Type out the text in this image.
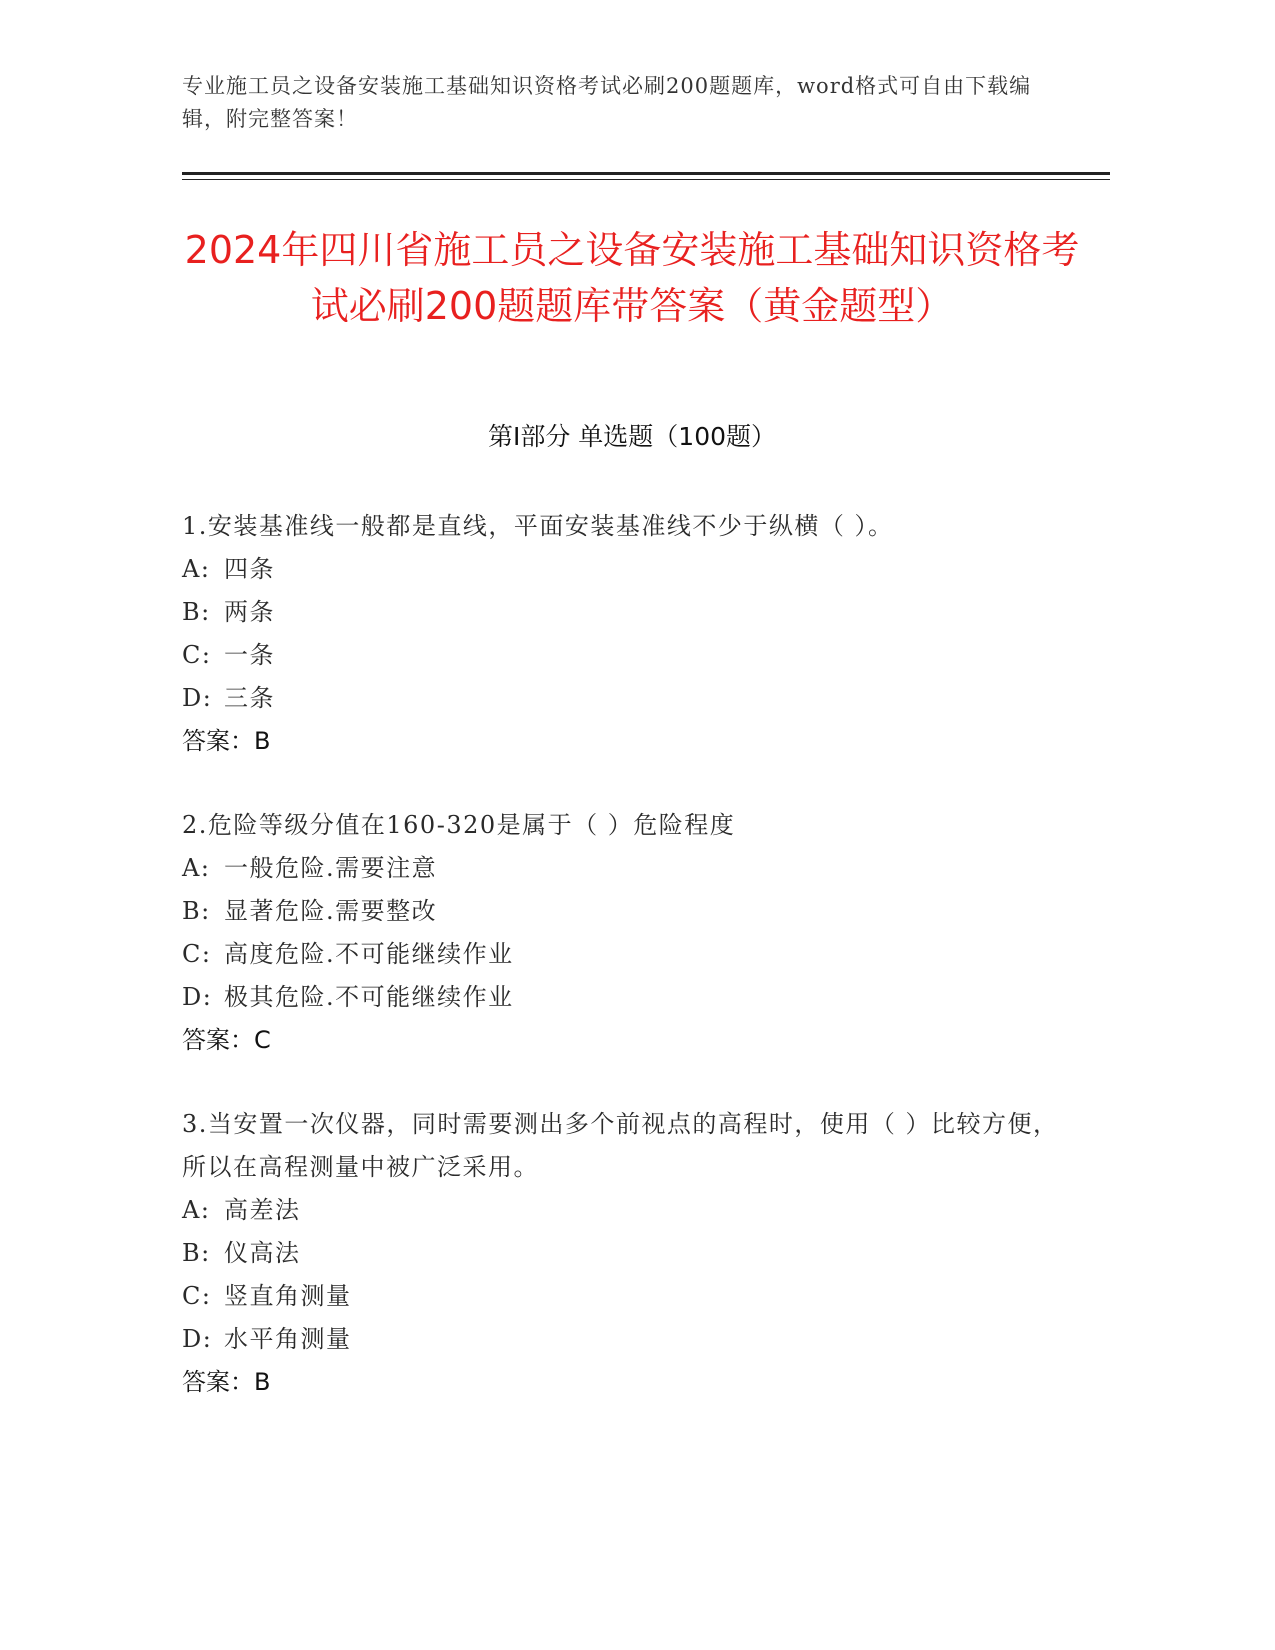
专业施工员之设备安装施工基础知识资格考试必刷200题题库，word格式可自由下载编辑，附完整答案！
2024年四川省施工员之设备安装施工基础知识资格考试必刷200题题库带答案（黄金题型）
第I部分 单选题（100题）
1.安装基准线一般都是直线，平面安装基准线不少于纵横（ ）。
A: 四条
B: 两条
C: 一条
D: 三条
答案：B
2.危险等级分值在160-320是属于（ ）危险程度
A: 一般危险.需要注意
B: 显著危险.需要整改
C: 高度危险.不可能继续作业
D: 极其危险.不可能继续作业
答案：C
3.当安置一次仪器，同时需要测出多个前视点的高程时，使用（ ）比较方便，所以在高程测量中被广泛采用。
A: 高差法
B: 仪高法
C: 竖直角测量
D: 水平角测量
答案：B
